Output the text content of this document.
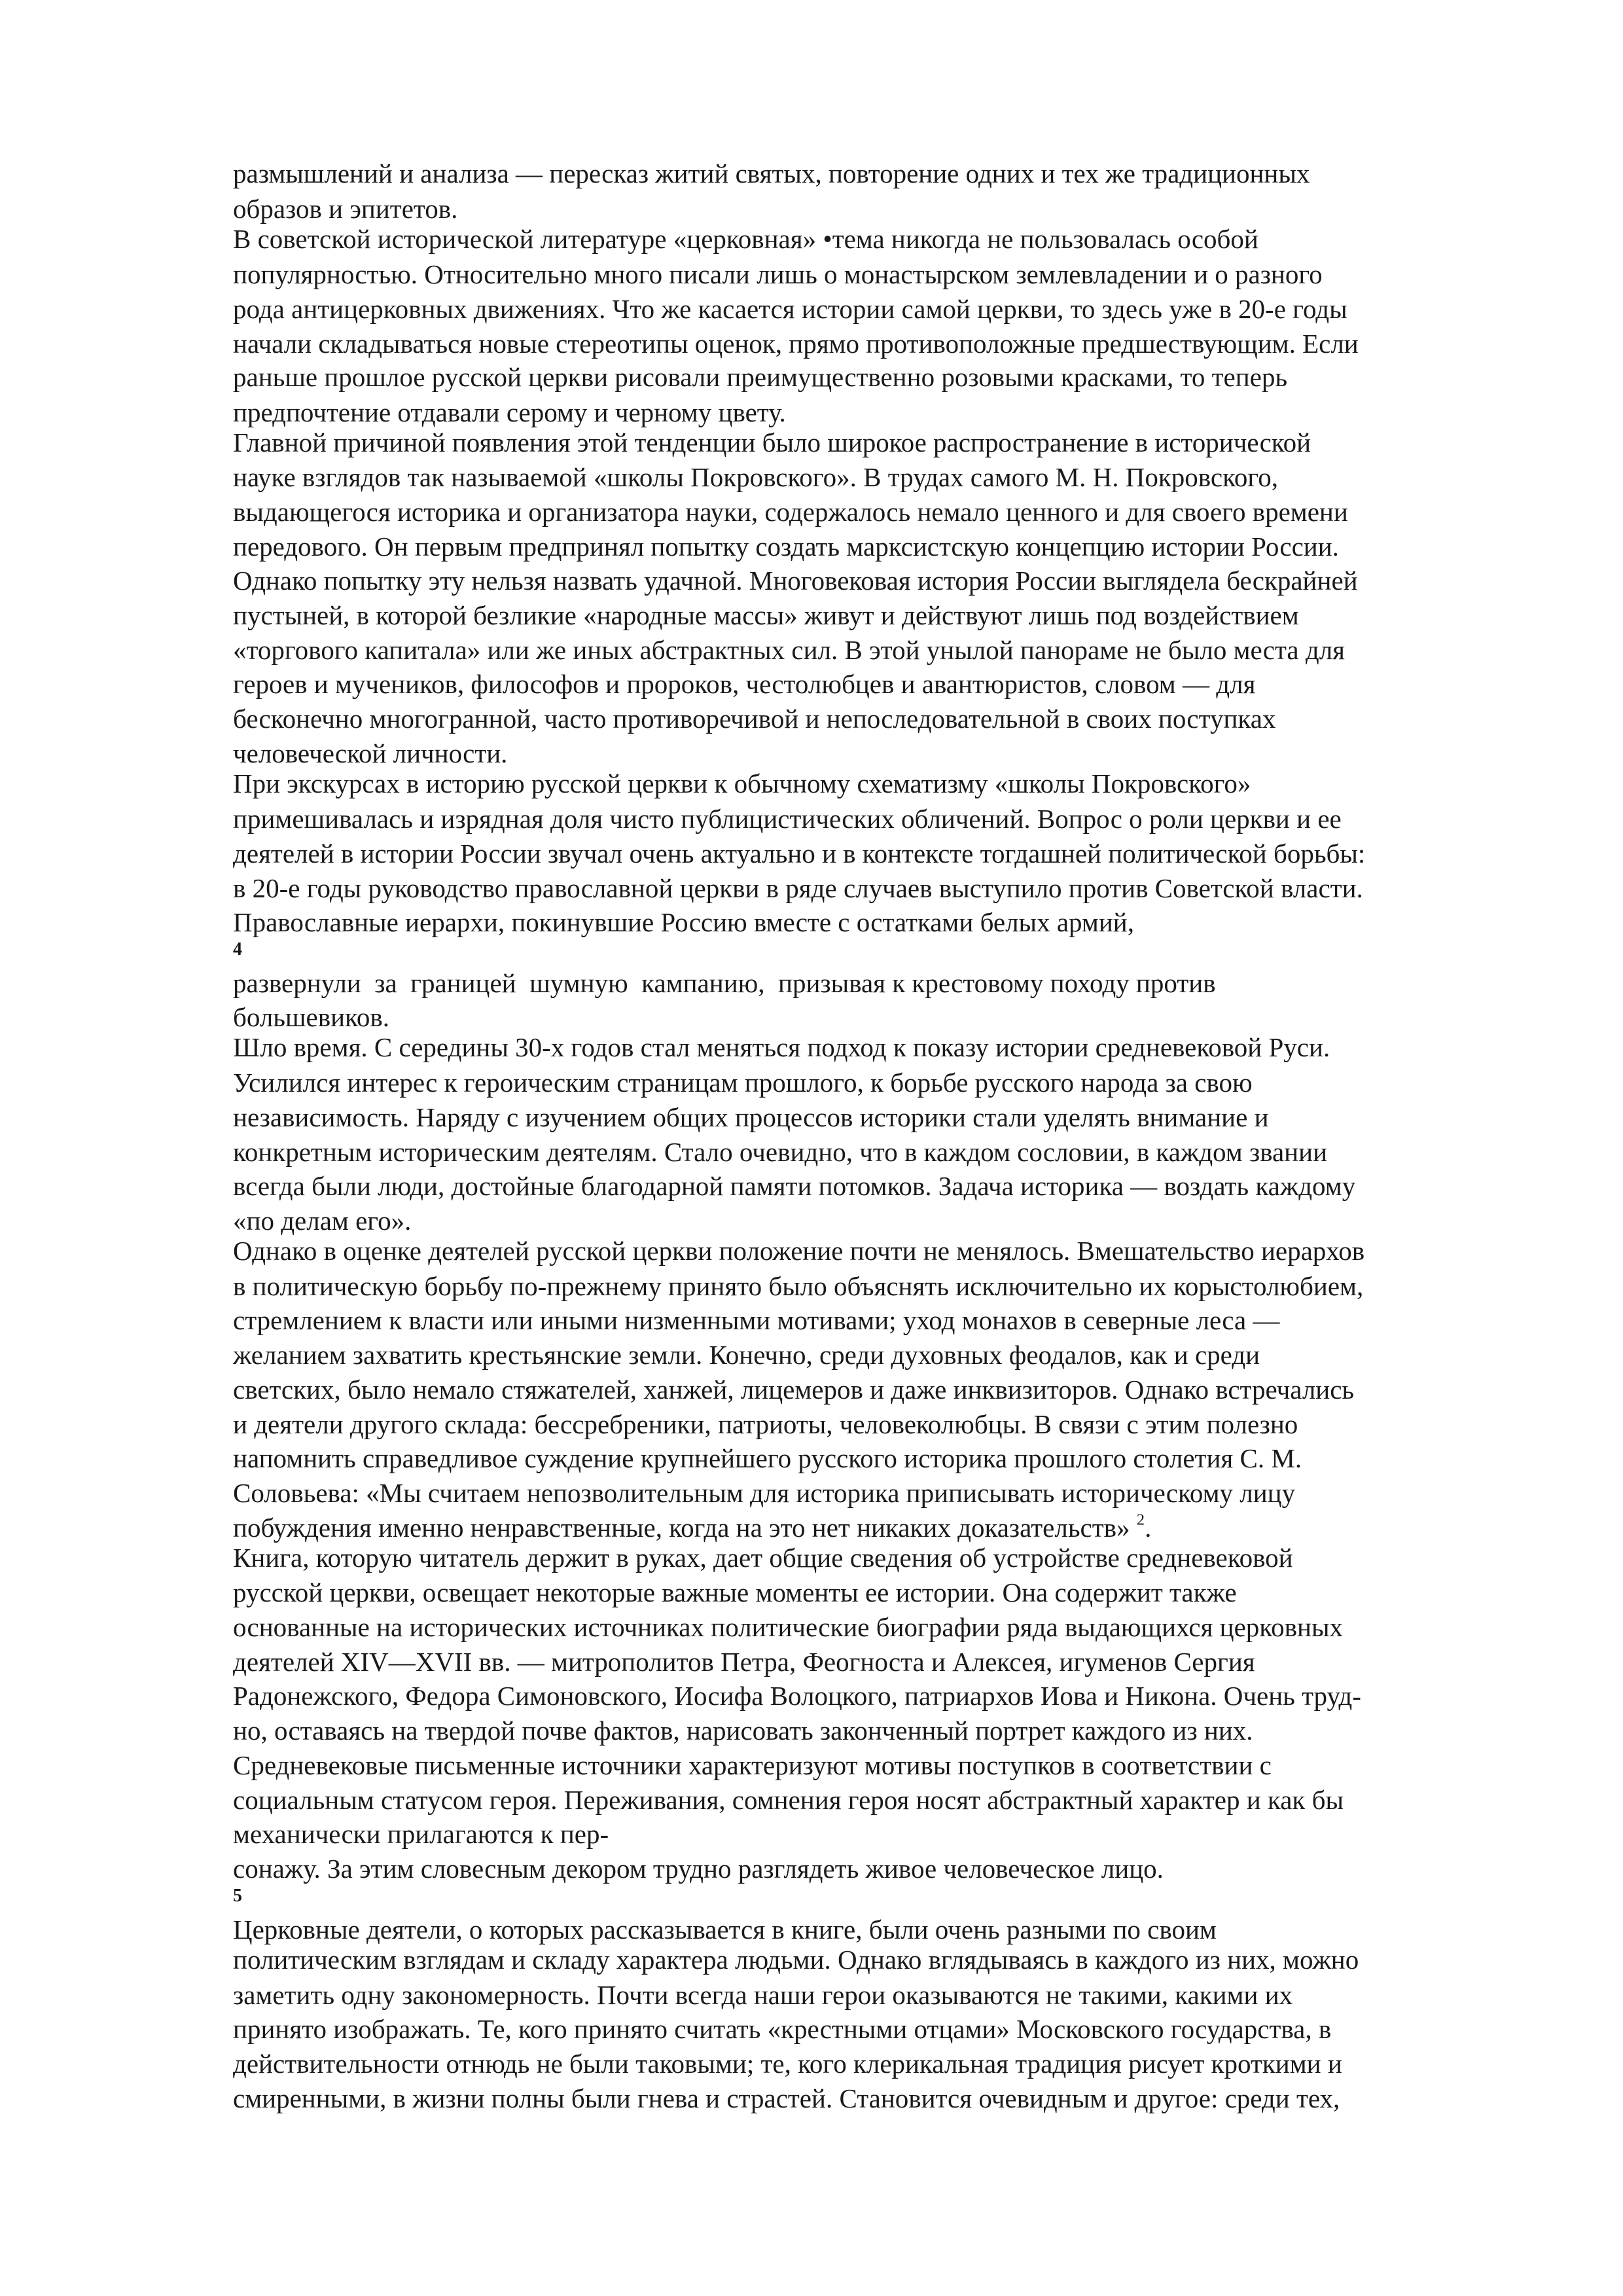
размышлений и анализа — пересказ житий святых, повторение одних и тех же традиционных
образов и эпитетов.
В советской исторической литературе «церковная» •тема никогда не пользовалась особой
популярностью. Относительно много писали лишь о монастырском землевладении и о разного
рода антицерковных движениях. Что же касается истории самой церкви, то здесь уже в 20-е годы
начали складываться новые стереотипы оценок, прямо противоположные предшествующим. Если
раньше прошлое русской церкви рисовали преимущественно розовыми красками, то теперь
предпочтение отдавали серому и черному цвету.
Главной причиной появления этой тенденции было широкое распространение в исторической
науке взглядов так называемой «школы Покровского». В трудах самого М. Н. Покровского,
выдающегося историка и организатора науки, содержалось немало ценного и для своего времени
передового. Он первым предпринял попытку создать марксистскую концепцию истории России.
Однако попытку эту нельзя назвать удачной. Многовековая история России выглядела бескрайней
пустыней, в которой безликие «народные массы» живут и действуют лишь под воздействием
«торгового капитала» или же иных абстрактных сил. В этой унылой панораме не было места для
героев и мучеников, философов и пророков, честолюбцев и авантюристов, словом — для
бесконечно многогранной, часто противоречивой и непоследовательной в своих поступках
человеческой личности.
При экскурсах в историю русской церкви к обычному схематизму «школы Покровского»
примешивалась и изрядная доля чисто публицистических обличений. Вопрос о роли церкви и ее
деятелей в истории России звучал очень актуально и в контексте тогдашней политической борьбы:
в 20-е годы руководство православной церкви в ряде случаев выступило против Советской власти.
Православные иерархи, покинувшие Россию вместе с остатками белых армий,
4
развернули  за  границей  шумную  кампанию,  призывая к крестовому походу против
большевиков.
Шло время. С середины 30-х годов стал меняться подход к показу истории средневековой Руси.
Усилился интерес к героическим страницам прошлого, к борьбе русского народа за свою
независимость. Наряду с изучением общих процессов историки стали уделять внимание и
конкретным историческим деятелям. Стало очевидно, что в каждом сословии, в каждом звании
всегда были люди, достойные благодарной памяти потомков. Задача историка — воздать каждому
«по делам его».
Однако в оценке деятелей русской церкви положение почти не менялось. Вмешательство иерархов
в политическую борьбу по-прежнему принято было объяснять исключительно их корыстолюбием,
стремлением к власти или иными низменными мотивами; уход монахов в северные леса —
желанием захватить крестьянские земли. Конечно, среди духовных феодалов, как и среди
светских, было немало стяжателей, ханжей, лицемеров и даже инквизиторов. Однако встречались
и деятели другого склада: бессребреники, патриоты, человеколюбцы. В связи с этим полезно
напомнить справедливое суждение крупнейшего русского историка прошлого столетия С. М.
Соловьева: «Мы считаем непозволительным для историка приписывать историческому лицу
побуждения именно ненравственные, когда на это нет никаких доказательств» $^2$.
Книга, которую читатель держит в руках, дает общие сведения об устройстве средневековой
русской церкви, освещает некоторые важные моменты ее истории. Она содержит также
основанные на исторических источниках политические биографии ряда выдающихся церковных
деятелей XIV—XVII вв. — митрополитов Петра, Феогноста и Алексея, игуменов Сергия
Радонежского, Федора Симоновского, Иосифа Волоцкого, патриархов Иова и Никона. Очень труд-
но, оставаясь на твердой почве фактов, нарисовать законченный портрет каждого из них.
Средневековые письменные источники характеризуют мотивы поступков в соответствии с
социальным статусом героя. Переживания, сомнения героя носят абстрактный характер и как бы
механически прилагаются к пер-
сонажу. За этим словесным декором трудно разглядеть живое человеческое лицо.
5
Церковные деятели, о которых рассказывается в книге, были очень разными по своим
политическим взглядам и складу характера людьми. Однако вглядываясь в каждого из них, можно
заметить одну закономерность. Почти всегда наши герои оказываются не такими, какими их
принято изображать. Те, кого принято считать «крестными отцами» Московского государства, в
действительности отнюдь не были таковыми; те, кого клерикальная традиция рисует кроткими и
смиренными, в жизни полны были гнева и страстей. Становится очевидным и другое: среди тех,
